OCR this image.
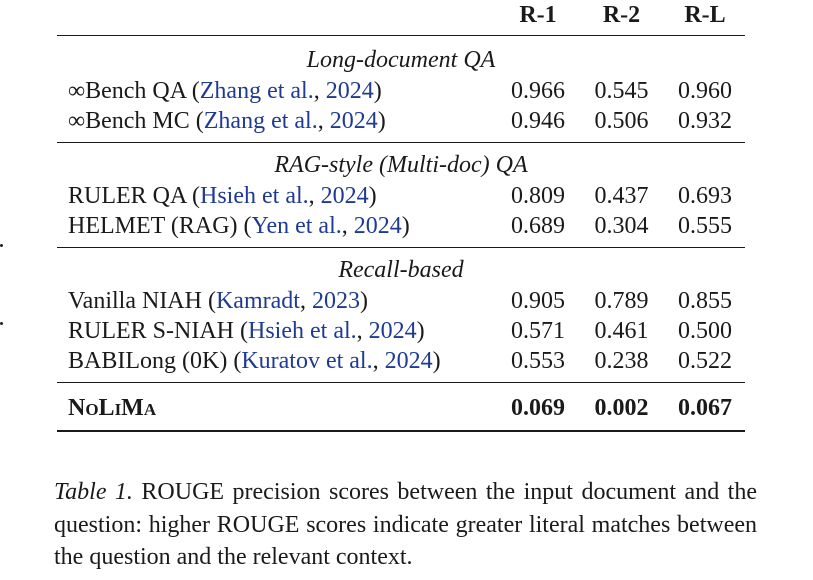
	R-1	R-2	R-L
Long-document QA			
∞Bench QA (Zhang et al., 2024)	0.966	0.545	0.960
∞Bench MC (Zhang et al., 2024)	0.946	0.506	0.932
RAG-style (Multi-doc) QA			
RULER QA (Hsieh et al., 2024)	0.809	0.437	0.693
HELMET (RAG) (Yen et al., 2024)	0.689	0.304	0.555
Recall-based			
Vanilla NIAH (Kamradt, 2023)	0.905	0.789	0.855
RULER S-NIAH (Hsieh et al., 2024)	0.571	0.461	0.500
BABILong (0K) (Kuratov et al., 2024)	0.553	0.238	0.522
NoLiMa	0.069	0.002	0.067

Table 1. ROUGE precision scores between the input document and the question: higher ROUGE scores indicate greater literal matches between the question and the relevant context.
